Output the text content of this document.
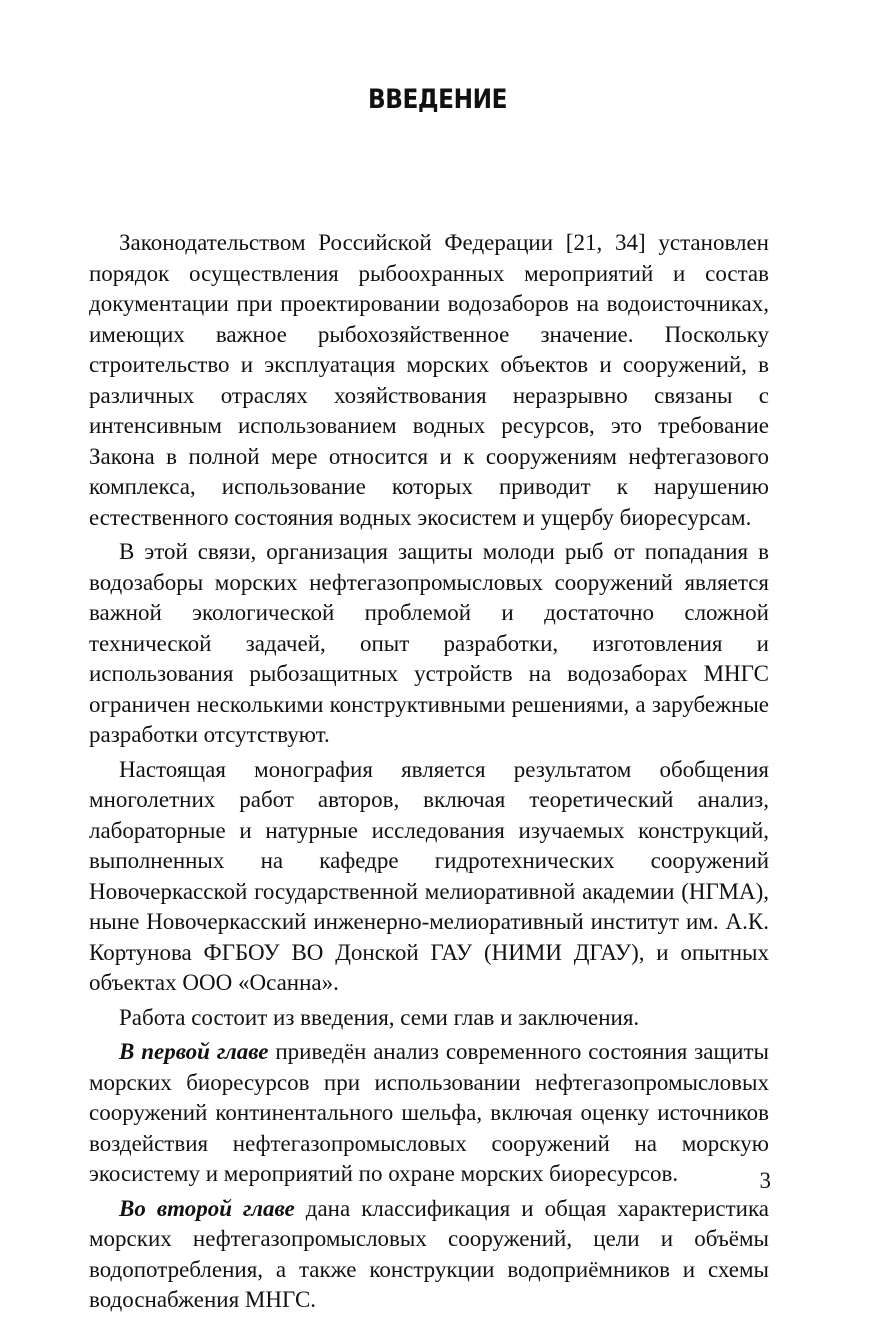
ВВЕДЕНИЕ

Законодательством Российской Федерации [21, 34] установлен порядок осуществления рыбоохранных мероприятий и состав документации при проектировании водозаборов на водоисточниках, имеющих важное рыбохозяйственное значение. Поскольку строительство и эксплуатация морских объектов и сооружений, в различных отраслях хозяйствования неразрывно связаны с интенсивным использованием водных ресурсов, это требование Закона в полной мере относится и к сооружениям нефтегазового комплекса, использование которых приводит к нарушению естественного состояния водных экосистем и ущербу биоресурсам.

В этой связи, организация защиты молоди рыб от попадания в водозаборы морских нефтегазопромысловых сооружений является важной экологической проблемой и достаточно сложной технической задачей, опыт разработки, изготовления и использования рыбозащитных устройств на водозаборах МНГС ограничен несколькими конструктивными решениями, а зарубежные разработки отсутствуют.

Настоящая монография является результатом обобщения многолетних работ авторов, включая теоретический анализ, лабораторные и натурные исследования изучаемых конструкций, выполненных на кафедре гидротехнических сооружений Новочеркасской государственной мелиоративной академии (НГМА), ныне Новочеркасский инженерно-мелиоративный институт им. А.К. Кортунова ФГБОУ ВО Донской ГАУ (НИМИ ДГАУ), и опытных объектах ООО «Осанна».

Работа состоит из введения, семи глав и заключения.

В первой главе приведён анализ современного состояния защиты морских биоресурсов при использовании нефтегазопромысловых сооружений континентального шельфа, включая оценку источников воздействия нефтегазопромысловых сооружений на морскую экосистему и мероприятий по охране морских биоресурсов.

Во второй главе дана классификация и общая характеристика морских нефтегазопромысловых сооружений, цели и объёмы водопотребления, а также конструкции водоприёмников и схемы водоснабжения МНГС.

3
